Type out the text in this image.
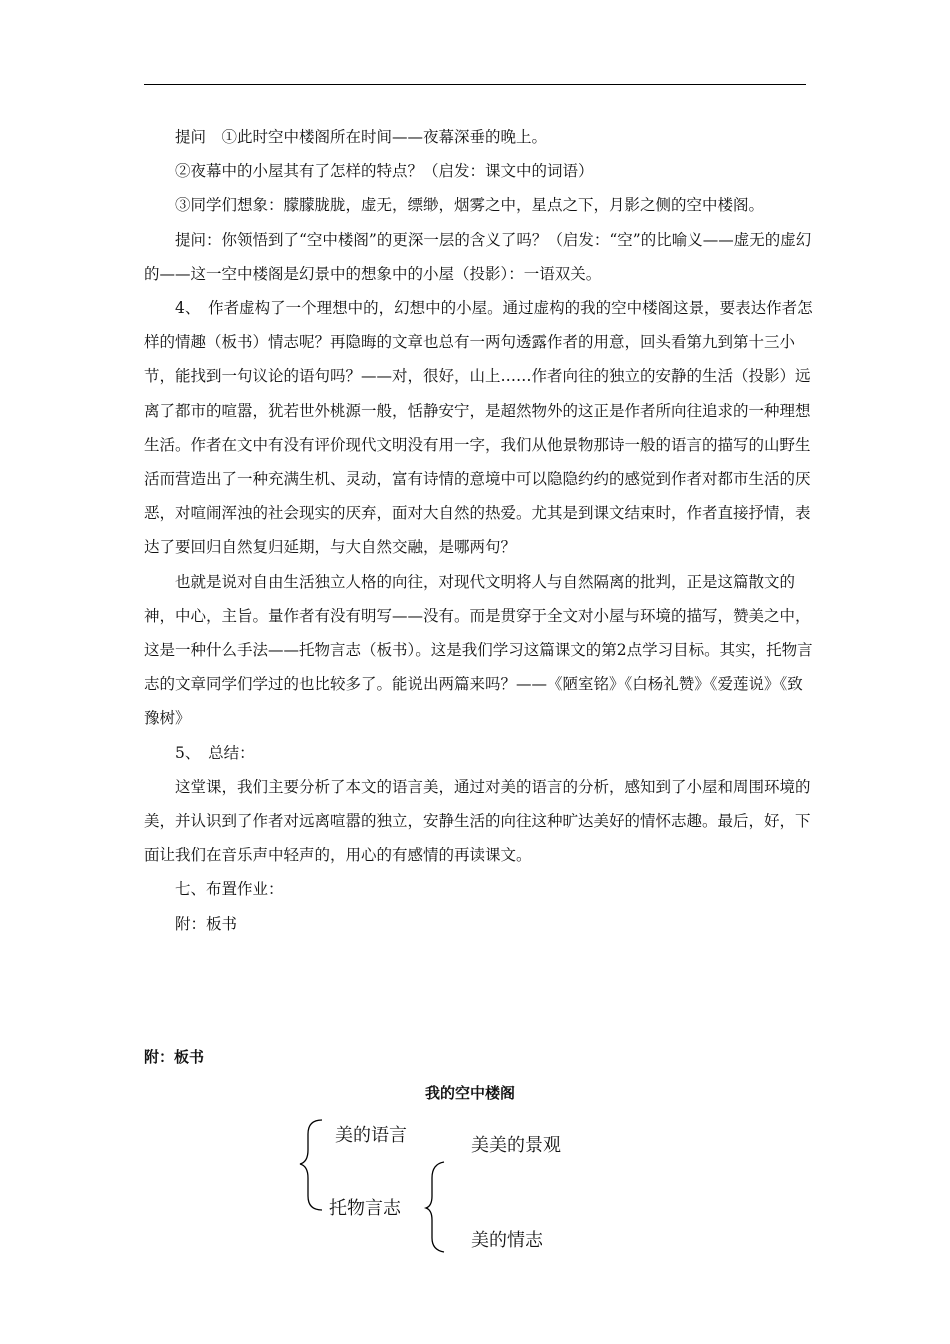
提问　①此时空中楼阁所在时间——夜幕深垂的晚上。

②夜幕中的小屋其有了怎样的特点？（启发：课文中的词语）

③同学们想象：朦朦胧胧，虚无，缥缈，烟雾之中，星点之下，月影之侧的空中楼阁。

提问：你领悟到了“空中楼阁”的更深一层的含义了吗？（启发：“空”的比喻义——虚无的虚幻的——这一空中楼阁是幻景中的想象中的小屋（投影）：一语双关。

4、　作者虚构了一个理想中的，幻想中的小屋。通过虚构的我的空中楼阁这景，要表达作者怎样的情趣（板书）情志呢？再隐晦的文章也总有一两句透露作者的用意，回头看第九到第十三小节，能找到一句议论的语句吗？——对，很好，山上……作者向往的独立的安静的生活（投影）远离了都市的喧嚣，犹若世外桃源一般，恬静安宁，是超然物外的这正是作者所向往追求的一种理想生活。作者在文中有没有评价现代文明没有用一字，我们从他景物那诗一般的语言的描写的山野生活而营造出了一种充满生机、灵动，富有诗情的意境中可以隐隐约约的感觉到作者对都市生活的厌恶，对喧闹浑浊的社会现实的厌弃，面对大自然的热爱。尤其是到课文结束时，作者直接抒情，表达了要回归自然复归延期，与大自然交融，是哪两句？

也就是说对自由生活独立人格的向往，对现代文明将人与自然隔离的批判，正是这篇散文的神，中心，主旨。量作者有没有明写——没有。而是贯穿于全文对小屋与环境的描写，赞美之中，这是一种什么手法——托物言志（板书）。这是我们学习这篇课文的第2点学习目标。其实，托物言志的文章同学们学过的也比较多了。能说出两篇来吗？——《陋室铭》《白杨礼赞》《爱莲说》《致豫树》

5、　总结：

这堂课，我们主要分析了本文的语言美，通过对美的语言的分析，感知到了小屋和周围环境的美，并认识到了作者对远离喧嚣的独立，安静生活的向往这种旷达美好的情怀志趣。最后，好，下面让我们在音乐声中轻声的，用心的有感情的再读课文。

七、布置作业：

附：板书

附：板书
我的空中楼阁
美的语言
托物言志
美美的景观
美的情志
